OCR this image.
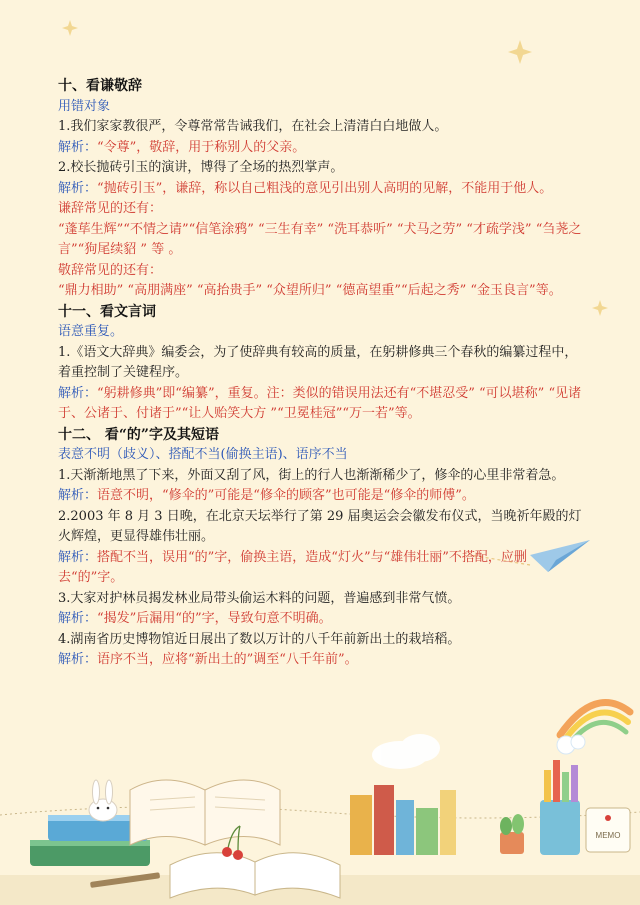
MEMO

十、看谦敬辞

用错对象

1.我们家家教很严，令尊常常告诫我们，在社会上清清白白地做人。

解析：“令尊”，敬辞，用于称别人的父亲。

2.校长抛砖引玉的演讲，博得了全场的热烈掌声。

解析：“抛砖引玉”，谦辞，称以自己粗浅的意见引出别人高明的见解，不能用于他人。

谦辞常见的还有：

“蓬荜生辉”“不情之请”“信笔涂鸦” “三生有幸” “洗耳恭听” “犬马之劳” “才疏学浅” “刍荛之言”“狗尾续貂 ” 等 。

敬辞常见的还有：

“鼎力相助” “高朋满座” “高抬贵手” “众望所归” “德高望重”“后起之秀” “金玉良言”等。

十一、看文言词

语意重复。

1.《语文大辞典》编委会，为了使辞典有较高的质量，在躬耕修典三个春秋的编纂过程中，着重控制了关键程序。

解析：“躬耕修典”即“编纂”，重复。注：类似的错误用法还有“不堪忍受” “可以堪称” “见诸于、公诸于、付诸于”“让人贻笑大方 ”“卫冕桂冠”“万一若”等。

十二、 看“的”字及其短语

表意不明（歧义）、搭配不当(偷换主语)、语序不当

1.天渐渐地黑了下来，外面又刮了风，街上的行人也渐渐稀少了，修伞的心里非常着急。

解析：语意不明，“修伞的”可能是“修伞的顾客”也可能是“修伞的师傅”。

2.2003 年 8 月 3 日晚，在北京天坛举行了第 29 届奥运会会徽发布仪式，当晚祈年殿的灯火辉煌，更显得雄伟壮丽。

解析：搭配不当，误用“的”字，偷换主语，造成“灯火”与“雄伟壮丽”不搭配，应删去“的”字。

3.大家对护林员揭发林业局带头偷运木料的问题，普遍感到非常气愤。

解析：“揭发”后漏用“的”字，导致句意不明确。

4.湖南省历史博物馆近日展出了数以万计的八千年前新出土的栽培稻。

解析：语序不当，应将“新出土的”调至“八千年前”。
